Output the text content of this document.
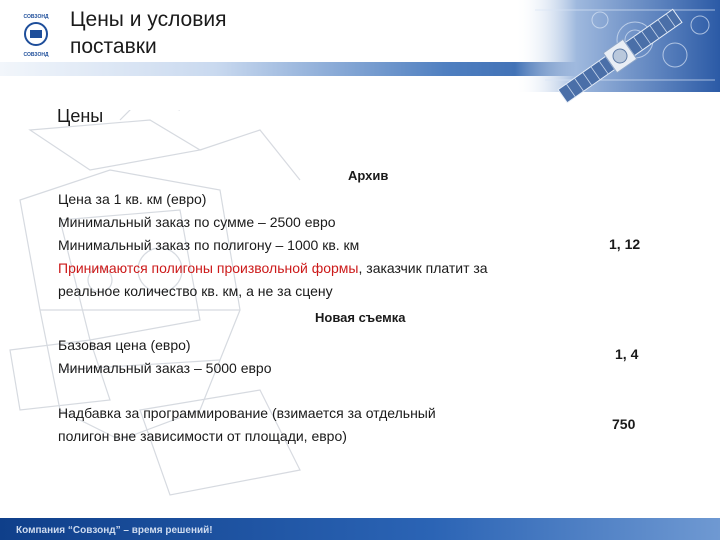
СОВЗОНД
СОВЗОНД
Цены и условия
поставки
Цены
Архив
Цена за 1 кв. км (евро)
Минимальный заказ по сумме – 2500 евро
Минимальный заказ по полигону – 1000 кв. км
Принимаются полигоны произвольной формы, заказчик платит за
реальное количество кв. км, а не за сцену
1, 12
Новая съемка
Базовая цена (евро)
Минимальный заказ – 5000 евро
1, 4
Надбавка за программирование (взимается за отдельный
полигон вне зависимости от площади, евро)
750
Компания “Совзонд” – время решений!
